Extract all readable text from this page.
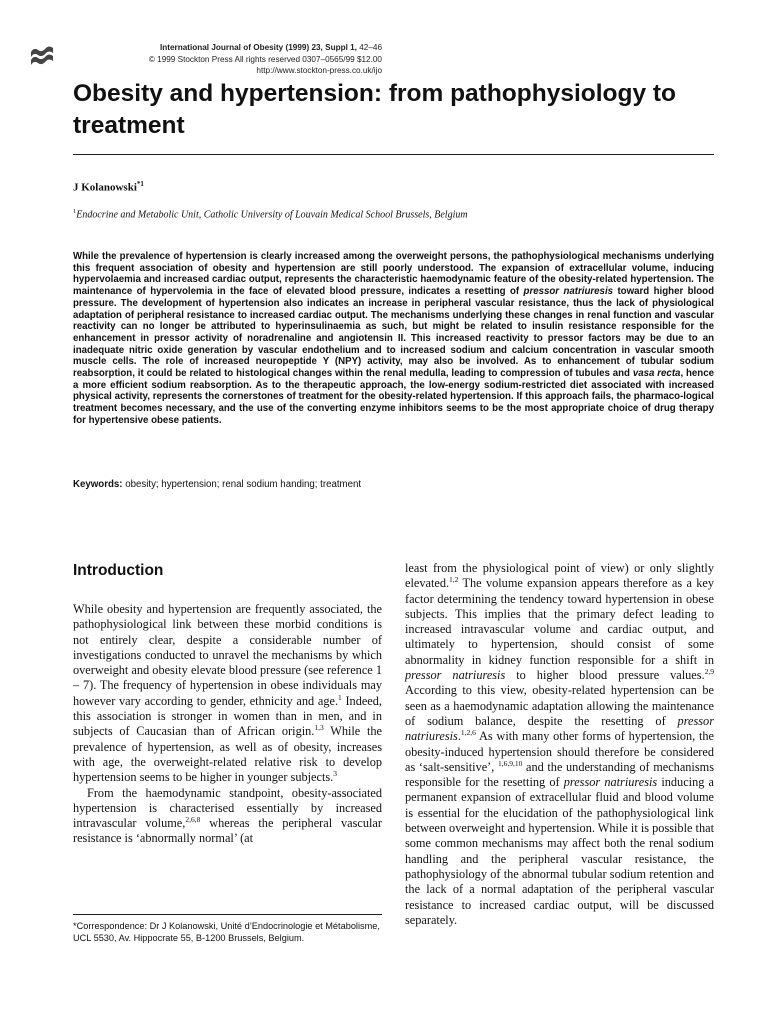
International Journal of Obesity (1999) 23, Suppl 1, 42–46
© 1999 Stockton Press All rights reserved 0307–0565/99 $12.00
http://www.stockton-press.co.uk/ijo
Obesity and hypertension: from pathophysiology to treatment
J Kolanowski$^{*1}$
$^1$Endocrine and Metabolic Unit, Catholic University of Louvain Medical School Brussels, Belgium

While the prevalence of hypertension is clearly increased among the overweight persons, the pathophysiological mechanisms underlying this frequent association of obesity and hypertension are still poorly understood. The expansion of extracellular volume, inducing hypervolaemia and increased cardiac output, represents the characteristic haemodynamic feature of the obesity-related hypertension. The maintenance of hypervolemia in the face of elevated blood pressure, indicates a resetting of pressor natriuresis toward higher blood pressure. The development of hypertension also indicates an increase in peripheral vascular resistance, thus the lack of physiological adaptation of peripheral resistance to increased cardiac output. The mechanisms underlying these changes in renal function and vascular reactivity can no longer be attributed to hyperinsulinaemia as such, but might be related to insulin resistance responsible for the enhancement in pressor activity of noradrenaline and angiotensin II. This increased reactivity to pressor factors may be due to an inadequate nitric oxide generation by vascular endothelium and to increased sodium and calcium concentration in vascular smooth muscle cells. The role of increased neuropeptide Y (NPY) activity, may also be involved. As to enhancement of tubular sodium reabsorption, it could be related to histological changes within the renal medulla, leading to compression of tubules and vasa recta, hence a more efficient sodium reabsorption. As to the therapeutic approach, the low-energy sodium-restricted diet associated with increased physical activity, represents the cornerstones of treatment for the obesity-related hypertension. If this approach fails, the pharmaco-logical treatment becomes necessary, and the use of the converting enzyme inhibitors seems to be the most appropriate choice of drug therapy for hypertensive obese patients.

Keywords: obesity; hypertension; renal sodium handing; treatment
Introduction

While obesity and hypertension are frequently associated, the pathophysiological link between these morbid conditions is not entirely clear, despite a considerable number of investigations conducted to unravel the mechanisms by which overweight and obesity elevate blood pressure (see reference 1 – 7). The frequency of hypertension in obese individuals may however vary according to gender, ethnicity and age.$^1$ Indeed, this association is stronger in women than in men, and in subjects of Caucasian than of African origin.$^{1,3}$ While the prevalence of hypertension, as well as of obesity, increases with age, the overweight-related relative risk to develop hypertension seems to be higher in younger subjects.$^3$

From the haemodynamic standpoint, obesity-associated hypertension is characterised essentially by increased intravascular volume,$^{2,6,8}$ whereas the peripheral vascular resistance is ‘abnormally normal’ (at

least from the physiological point of view) or only slightly elevated.$^{1,2}$ The volume expansion appears therefore as a key factor determining the tendency toward hypertension in obese subjects. This implies that the primary defect leading to increased intravascular volume and cardiac output, and ultimately to hypertension, should consist of some abnormality in kidney function responsible for a shift in pressor natriuresis to higher blood pressure values.$^{2,9}$ According to this view, obesity-related hypertension can be seen as a haemodynamic adaptation allowing the maintenance of sodium balance, despite the resetting of pressor natriuresis.$^{1,2,6}$ As with many other forms of hypertension, the obesity-induced hypertension should therefore be considered as ‘salt-sensitive’, $^{1,6,9,10}$ and the understanding of mechanisms responsible for the resetting of pressor natriuresis inducing a permanent expansion of extracellular fluid and blood volume is essential for the elucidation of the pathophysiological link between overweight and hypertension. While it is possible that some common mechanisms may affect both the renal sodium handling and the peripheral vascular resistance, the pathophysiology of the abnormal tubular sodium retention and the lack of a normal adaptation of the peripheral vascular resistance to increased cardiac output, will be discussed separately.

*Correspondence: Dr J Kolanowski, Unité d’Endocrinologie et Métabolisme, UCL 5530, Av. Hippocrate 55, B-1200 Brussels, Belgium.
